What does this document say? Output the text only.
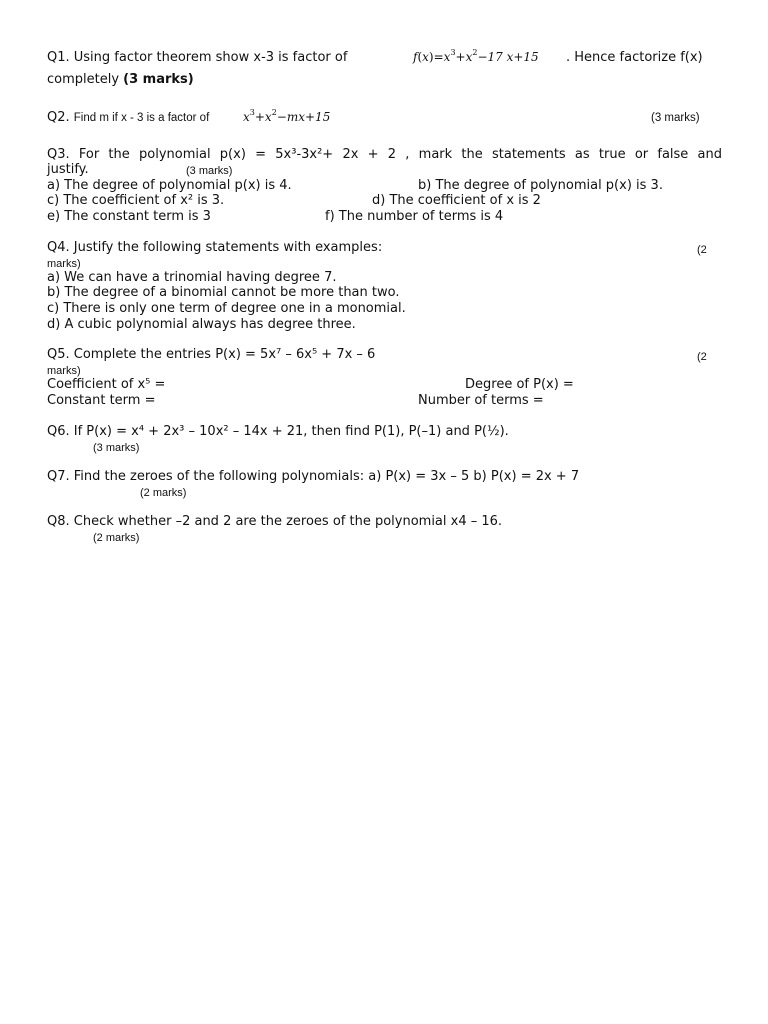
Q1. Using factor theorem show x-3 is factor of	$f(x)=x^3+x^2-17$ x+15 . Hence factorize f(x)
completely (3 marks)
Q2. Find m if x - 3 is a factor of	$x^3+x^2-mx+15$	(3 marks)
Q3. For the polynomial p(x) = 5x³-3x²+ 2x + 2 , mark the statements as true or false and
justify.	(3 marks)
a) The degree of polynomial p(x) is 4.	b) The degree of polynomial p(x) is 3.
c) The coefficient of x² is 3.	d) The coefficient of x is 2
e) The constant term is 3	f) The number of terms is 4
Q4. Justify the following statements with examples:	(2
marks)
a) We can have a trinomial having degree 7.
b) The degree of a binomial cannot be more than two.
c) There is only one term of degree one in a monomial.
d) A cubic polynomial always has degree three.
Q5. Complete the entries P(x) = 5x⁷ – 6x⁵ + 7x – 6	(2
marks)
Coefficient of x⁵ =	Degree of P(x) =
Constant term =	Number of terms =
Q6. If P(x) = x⁴ + 2x³ – 10x² – 14x + 21, then find P(1), P(–1) and P(½).
(3 marks)
Q7. Find the zeroes of the following polynomials: a) P(x) = 3x – 5 b) P(x) = 2x + 7
(2 marks)
Q8. Check whether –2 and 2 are the zeroes of the polynomial x4 – 16.
(2 marks)
